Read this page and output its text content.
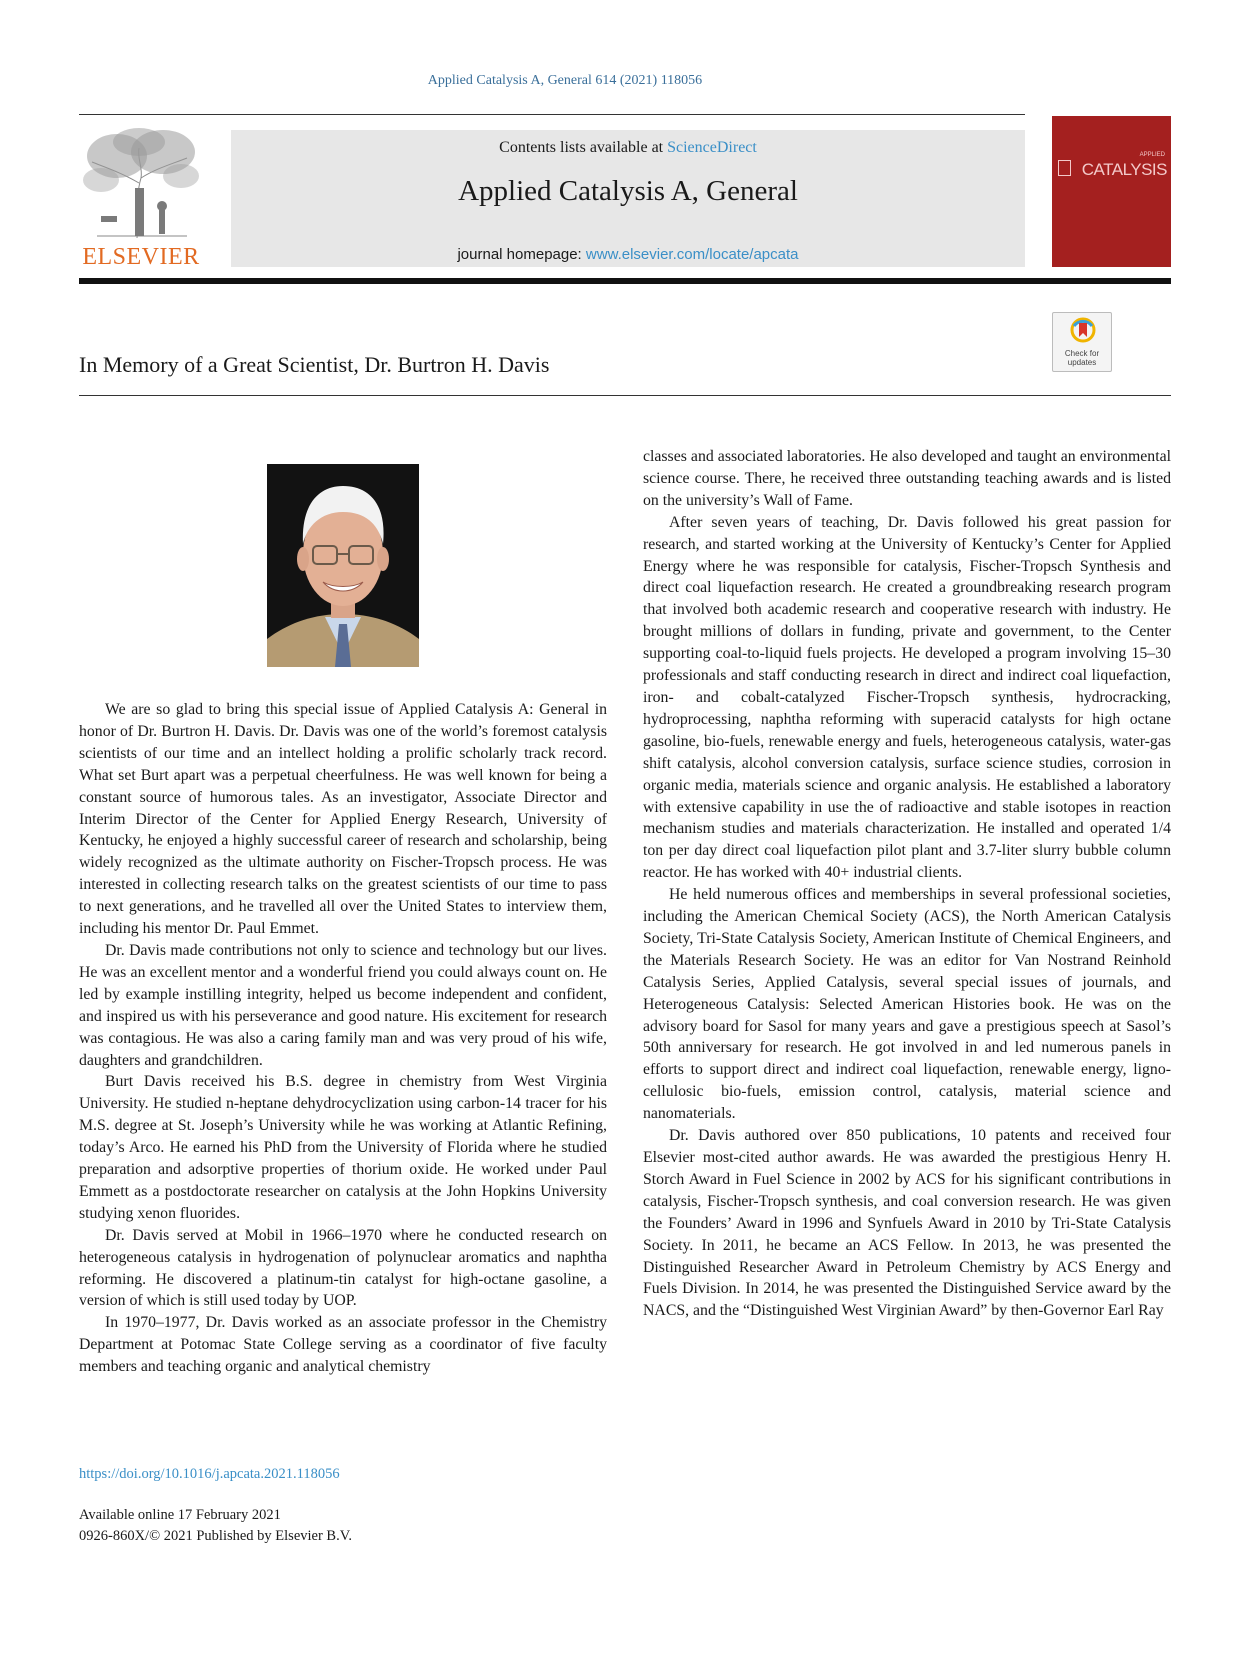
Applied Catalysis A, General 614 (2021) 118056
ELSEVIER
Contents lists available at ScienceDirect
Applied Catalysis A, General
journal homepage: www.elsevier.com/locate/apcata
APPLIED
CATALYSIS
In Memory of a Great Scientist, Dr. Burtron H. Davis	Check for
updates

We are so glad to bring this special issue of Applied Catalysis A: General in honor of Dr. Burtron H. Davis. Dr. Davis was one of the world’s foremost catalysis scientists of our time and an intellect holding a prolific scholarly track record. What set Burt apart was a perpetual cheerfulness. He was well known for being a constant source of humorous tales. As an investigator, Associate Director and Interim Director of the Center for Applied Energy Research, University of Kentucky, he enjoyed a highly successful career of research and scholarship, being widely recognized as the ultimate authority on Fischer-Tropsch process. He was interested in collecting research talks on the greatest scientists of our time to pass to next generations, and he travelled all over the United States to interview them, including his mentor Dr. Paul Emmet.

Dr. Davis made contributions not only to science and technology but our lives. He was an excellent mentor and a wonderful friend you could always count on. He led by example instilling integrity, helped us become independent and confident, and inspired us with his perseverance and good nature. His excitement for research was contagious. He was also a caring family man and was very proud of his wife, daughters and grandchildren.

Burt Davis received his B.S. degree in chemistry from West Virginia University. He studied n-heptane dehydrocyclization using carbon-14 tracer for his M.S. degree at St. Joseph’s University while he was working at Atlantic Refining, today’s Arco. He earned his PhD from the University of Florida where he studied preparation and adsorptive properties of thorium oxide. He worked under Paul Emmett as a postdoctorate researcher on catalysis at the John Hopkins University studying xenon fluorides.

Dr. Davis served at Mobil in 1966–1970 where he conducted research on heterogeneous catalysis in hydrogenation of polynuclear aromatics and naphtha reforming. He discovered a platinum-tin catalyst for high-octane gasoline, a version of which is still used today by UOP.

In 1970–1977, Dr. Davis worked as an associate professor in the Chemistry Department at Potomac State College serving as a coordinator of five faculty members and teaching organic and analytical chemistry

classes and associated laboratories. He also developed and taught an environmental science course. There, he received three outstanding teaching awards and is listed on the university’s Wall of Fame.

After seven years of teaching, Dr. Davis followed his great passion for research, and started working at the University of Kentucky’s Center for Applied Energy where he was responsible for catalysis, Fischer-Tropsch Synthesis and direct coal liquefaction research. He created a groundbreaking research program that involved both academic research and cooperative research with industry. He brought millions of dollars in funding, private and government, to the Center supporting coal-to-liquid fuels projects. He developed a program involving 15–30 professionals and staff conducting research in direct and indirect coal liquefaction, iron- and cobalt-catalyzed Fischer-Tropsch synthesis, hydrocracking, hydroprocessing, naphtha reforming with superacid catalysts for high octane gasoline, bio-fuels, renewable energy and fuels, heterogeneous catalysis, water-gas shift catalysis, alcohol conversion catalysis, surface science studies, corrosion in organic media, materials science and organic analysis. He established a laboratory with extensive capability in use the of radioactive and stable isotopes in reaction mechanism studies and materials characterization. He installed and operated 1/4 ton per day direct coal liquefaction pilot plant and 3.7-liter slurry bubble column reactor. He has worked with 40+ industrial clients.

He held numerous offices and memberships in several professional societies, including the American Chemical Society (ACS), the North American Catalysis Society, Tri-State Catalysis Society, American Institute of Chemical Engineers, and the Materials Research Society. He was an editor for Van Nostrand Reinhold Catalysis Series, Applied Catalysis, several special issues of journals, and Heterogeneous Catalysis: Selected American Histories book. He was on the advisory board for Sasol for many years and gave a prestigious speech at Sasol’s 50th anniversary for research. He got involved in and led numerous panels in efforts to support direct and indirect coal liquefaction, renewable energy, lignocellulosic bio-fuels, emission control, catalysis, material science and nanomaterials.

Dr. Davis authored over 850 publications, 10 patents and received four Elsevier most-cited author awards. He was awarded the prestigious Henry H. Storch Award in Fuel Science in 2002 by ACS for his significant contributions in catalysis, Fischer-Tropsch synthesis, and coal conversion research. He was given the Founders’ Award in 1996 and Synfuels Award in 2010 by Tri-State Catalysis Society. In 2011, he became an ACS Fellow. In 2013, he was presented the Distinguished Researcher Award in Petroleum Chemistry by ACS Energy and Fuels Division. In 2014, he was presented the Distinguished Service award by the NACS, and the “Distinguished West Virginian Award” by then-Governor Earl Ray

https://doi.org/10.1016/j.apcata.2021.118056
Available online 17 February 2021
0926-860X/© 2021 Published by Elsevier B.V.
